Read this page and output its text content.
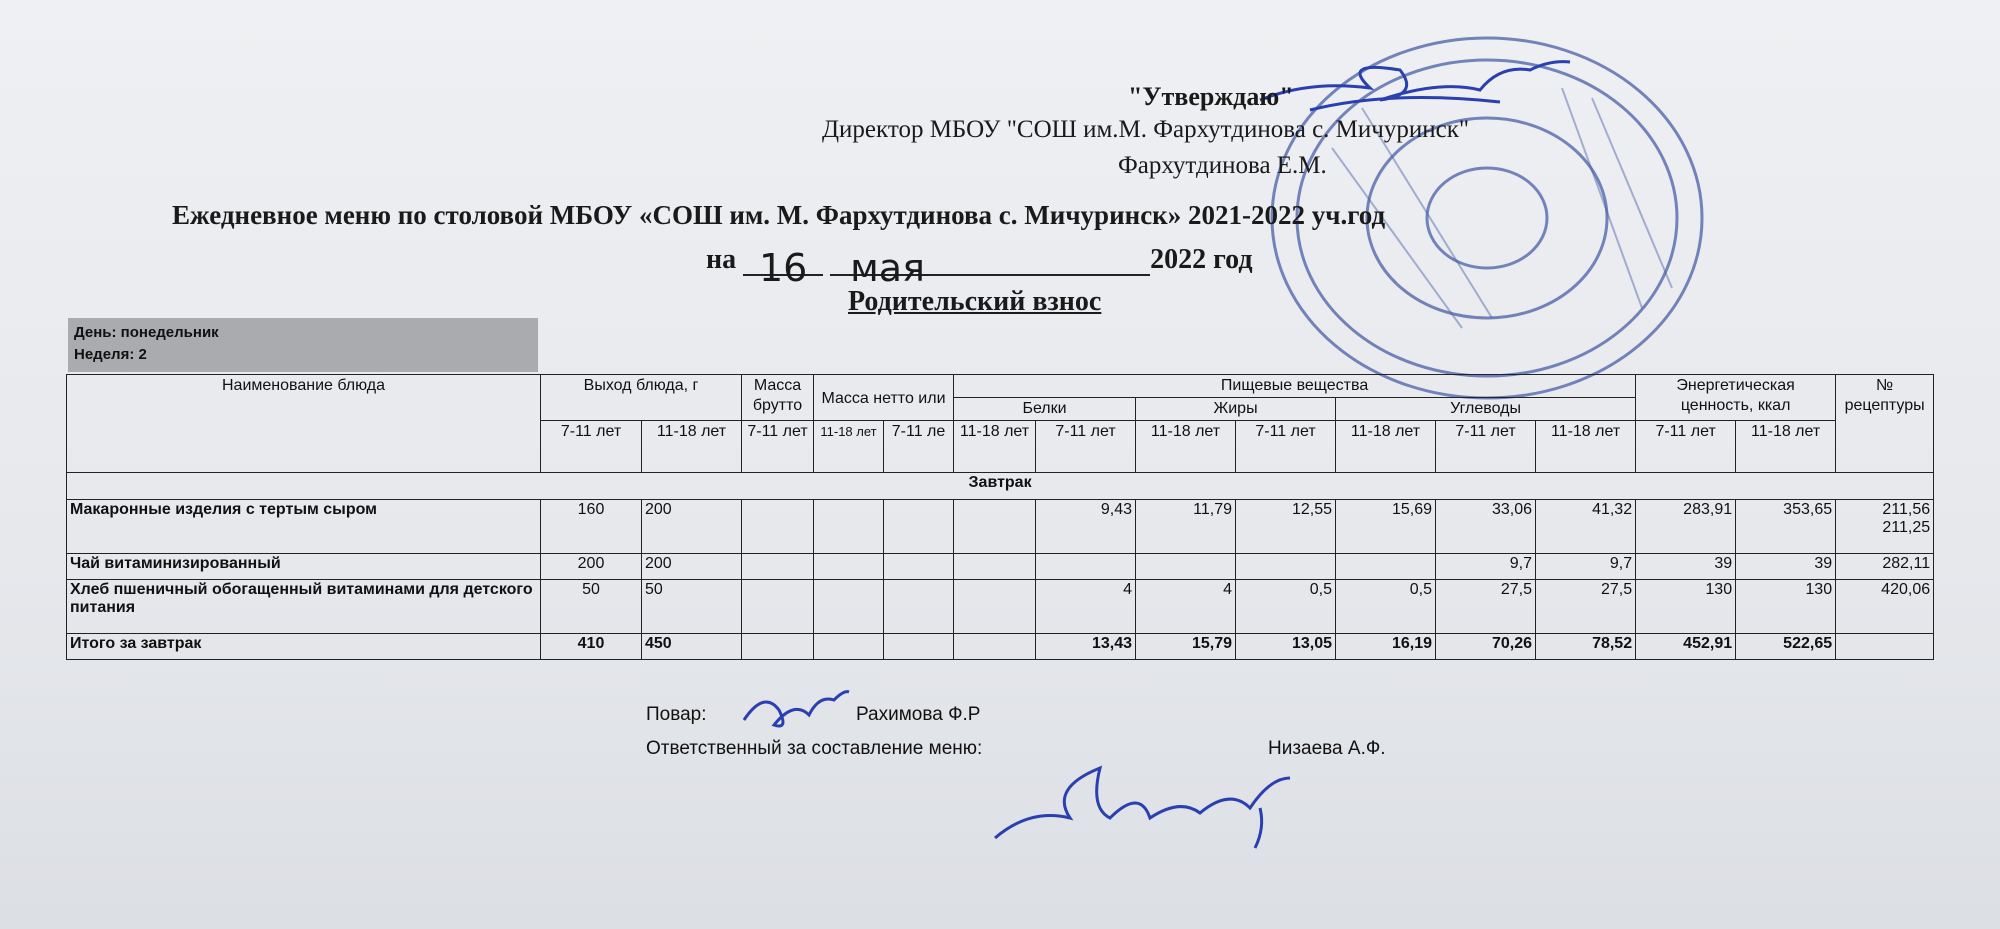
"Утверждаю"
Директор МБОУ "СОШ им.М. Фархутдинова с. Мичуринск"
Фархутдинова Е.М.
Ежедневное меню по столовой МБОУ «СОШ им. М. Фархутдинова с. Мичуринск» 2021-2022 уч.год
на 16 мая	2022 год
Родительский взнос
День: понедельник
Неделя: 2
Наименование блюда	Выход блюда, г		Масса брутто	Масса нетто или		Пищевые вещества							Энергетическая ценность, ккал		№ рецептуры
						Белки		Жиры		Углеводы					
	7-11 лет	11-18 лет	7-11 лет	11-18 лет	7-11 ле	11-18 лет	7-11 лет	11-18 лет	7-11 лет	11-18 лет	7-11 лет	11-18 лет	7-11 лет	11-18 лет	
Завтрак															
Макаронные изделия с тертым сыром	160	200					9,43	11,79	12,55	15,69	33,06	41,32	283,91	353,65	211,56
211,25

Чай витаминизированный	200	200									9,7	9,7	39	39	282,11
Хлеб пшеничный обогащенный витаминами для детского питания	50	50					4	4	0,5	0,5	27,5	27,5	130	130	420,06
Итого за завтрак	410	450					13,43	15,79	13,05	16,19	70,26	78,52	452,91	522,65	
Повар:	Рахимова Ф.Р
Ответственный за составление меню:	Низаева А.Ф.
